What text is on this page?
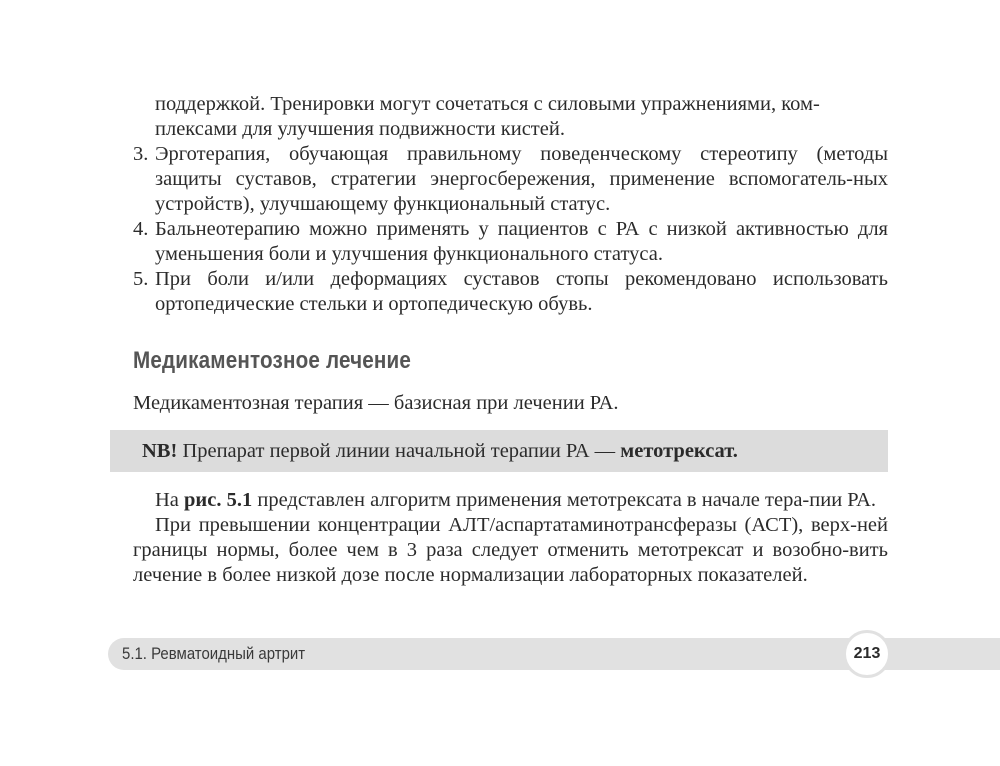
поддержкой. Тренировки могут сочетаться с силовыми упражнениями, ком-
плексами для улучшения подвижности кистей.

3. Эрготерапия, обучающая правильному поведенческому стереотипу (методы защиты суставов, стратегии энергосбережения, применение вспомогатель-ных устройств), улучшающему функциональный статус.
4. Бальнеотерапию можно применять у пациентов с РА с низкой активностью для уменьшения боли и улучшения функционального статуса.
5. При боли и/или деформациях суставов стопы рекомендовано использовать ортопедические стельки и ортопедическую обувь.
Медикаментозное лечение

Медикаментозная терапия — базисная при лечении РА.

NB! Препарат первой линии начальной терапии РА — метотрексат.

На рис. 5.1 представлен алгоритм применения метотрексата в начале тера-пии РА.

При превышении концентрации АЛТ/аспартатаминотрансферазы (АСТ), верх-ней границы нормы, более чем в 3 раза следует отменить метотрексат и возобно-вить лечение в более низкой дозе после нормализации лабораторных показателей.

5.1. Ревматоидный артрит	213
